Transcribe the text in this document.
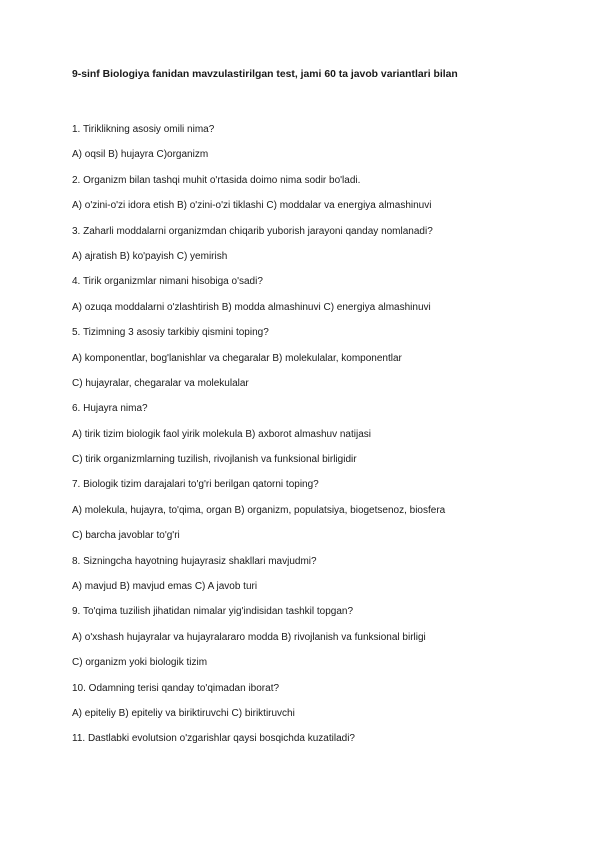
9-sinf Biologiya fanidan mavzulastirilgan test, jami 60 ta javob variantlari bilan
1. Tiriklikning asosiy omili nima?
A) oqsil B) hujayra C)organizm
2. Organizm bilan tashqi muhit o'rtasida doimo nima sodir bo'ladi.
A) o'zini-o'zi idora etish B) o'zini-o'zi tiklashi C) moddalar va energiya almashinuvi
3. Zaharli moddalarni organizmdan chiqarib yuborish jarayoni qanday nomlanadi?
A) ajratish B) ko'payish C) yemirish
4. Tirik organizmlar nimani hisobiga o'sadi?
A) ozuqa moddalarni o'zlashtirish B) modda almashinuvi C) energiya almashinuvi
5. Tizimning 3 asosiy tarkibiy qismini toping?
A) komponentlar, bog'lanishlar va chegaralar B) molekulalar, komponentlar
C) hujayralar, chegaralar va molekulalar
6. Hujayra nima?
A) tirik tizim biologik faol yirik molekula B) axborot almashuv natijasi
C) tirik organizmlarning tuzilish, rivojlanish va funksional birligidir
7. Biologik tizim darajalari to'g'ri berilgan qatorni toping?
A) molekula, hujayra, to'qima, organ B) organizm, populatsiya, biogetsenoz, biosfera
C) barcha javoblar to'g'ri
8. Sizningcha hayotning hujayrasiz shakllari mavjudmi?
A) mavjud B) mavjud emas C) A javob turi
9. To'qima tuzilish jihatidan nimalar yig'indisidan tashkil topgan?
A) o'xshash hujayralar va hujayralararo modda B) rivojlanish va funksional birligi
C) organizm yoki biologik tizim
10. Odamning terisi qanday to'qimadan iborat?
A) epiteliy B) epiteliy va biriktiruvchi C) biriktiruvchi
11. Dastlabki evolutsion o'zgarishlar qaysi bosqichda kuzatiladi?
